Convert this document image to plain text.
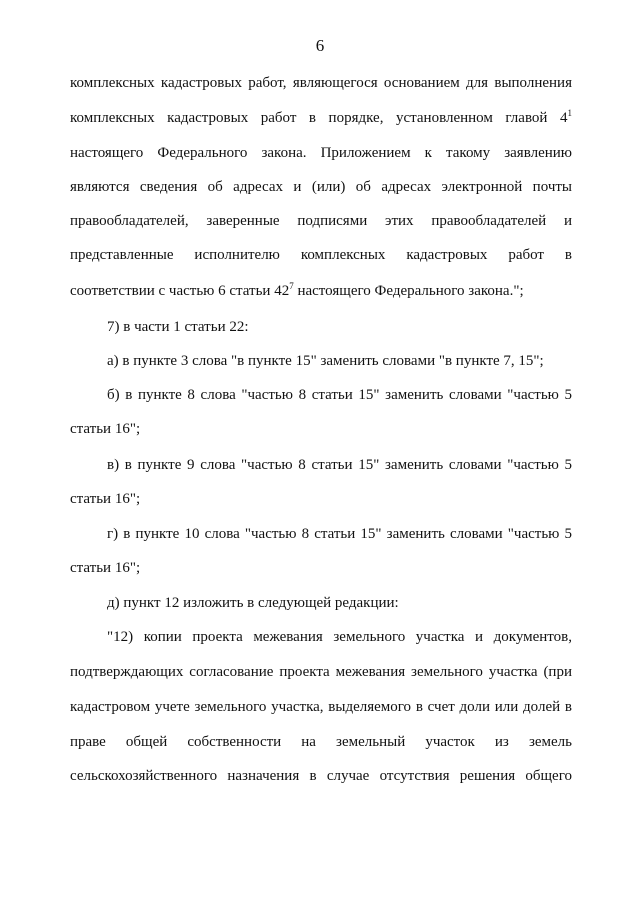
6
комплексных кадастровых работ, являющегося основанием для выполнения
комплексных кадастровых работ в порядке, установленном главой $4^1$
настоящего Федерального закона. Приложением к такому заявлению
являются сведения об адресах и (или) об адресах электронной почты
правообладателей, заверенные подписями этих правообладателей и
представленные исполнителю комплексных кадастровых работ в
соответствии с частью 6 статьи $42^7$ настоящего Федерального закона.";
7) в части 1 статьи 22:
а) в пункте 3 слова "в пункте 15" заменить словами "в пункте 7, 15";
б) в пункте 8 слова "частью 8 статьи 15" заменить словами "частью 5
статьи 16";
в) в пункте 9 слова "частью 8 статьи 15" заменить словами "частью 5
статьи 16";
г) в пункте 10 слова "частью 8 статьи 15" заменить словами "частью 5
статьи 16";
д) пункт 12 изложить в следующей редакции:
"12) копии проекта межевания земельного участка и документов,
подтверждающих согласование проекта межевания земельного участка (при
кадастровом учете земельного участка, выделяемого в счет доли или долей в
праве общей собственности на земельный участок из земель
сельскохозяйственного назначения в случае отсутствия решения общего
